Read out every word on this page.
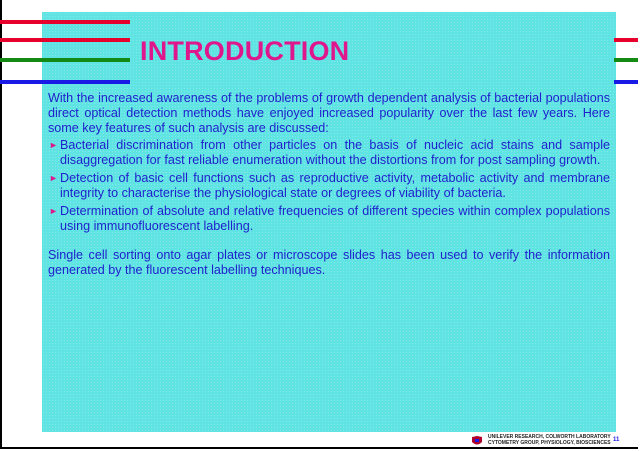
INTRODUCTION

With the increased awareness of the problems of growth dependent analysis of bacterial populations direct optical detection methods have enjoyed increased popularity over the last few years. Here some key features of such analysis are discussed:

► Bacterial discrimination from other particles on the basis of nucleic acid stains and sample disaggregation for fast reliable enumeration without the distortions from for post sampling growth.
► Detection of basic cell functions such as reproductive activity, metabolic activity and membrane integrity to characterise the physiological state or degrees of viability of bacteria.
► Determination of absolute and relative frequencies of different species within complex populations using immunofluorescent labelling.

Single cell sorting onto agar plates or microscope slides has been used to verify the information generated by the fluorescent labelling techniques.

UNILEVER RESEARCH, COLWORTH LABORATORY
CYTOMETRY GROUP, PHYSIOLOGY, BIOSCIENCES 11
